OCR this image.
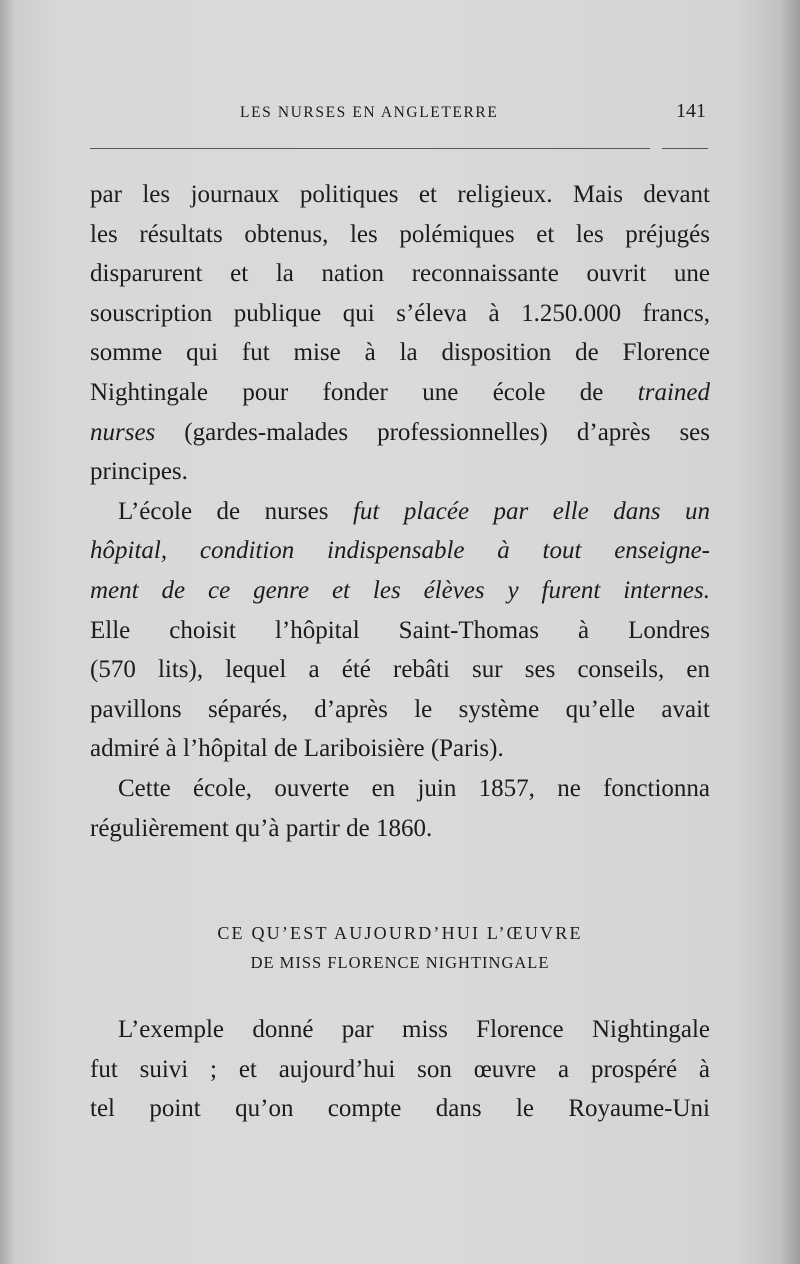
LES NURSES EN ANGLETERRE	141
par les journaux politiques et religieux. Mais devant
les résultats obtenus, les polémiques et les préjugés
disparurent et la nation reconnaissante ouvrit une
souscription publique qui s’éleva à 1.250.000 francs,
somme qui fut mise à la disposition de Florence
Nightingale pour fonder une école de trained
nurses (gardes-malades professionnelles) d’après ses
principes.
L’école de nurses fut placée par elle dans un
hôpital, condition indispensable à tout enseigne-
ment de ce genre et les élèves y furent internes.
Elle choisit l’hôpital Saint-Thomas à Londres
(570 lits), lequel a été rebâti sur ses conseils, en
pavillons séparés, d’après le système qu’elle avait
admiré à l’hôpital de Lariboisière (Paris).
Cette école, ouverte en juin 1857, ne fonctionna
régulièrement qu’à partir de 1860.
CE QU’EST AUJOURD’HUI L’ŒUVRE
DE MISS FLORENCE NIGHTINGALE
L’exemple donné par miss Florence Nightingale
fut suivi ; et aujourd’hui son œuvre a prospéré à
tel point qu’on compte dans le Royaume-Uni
